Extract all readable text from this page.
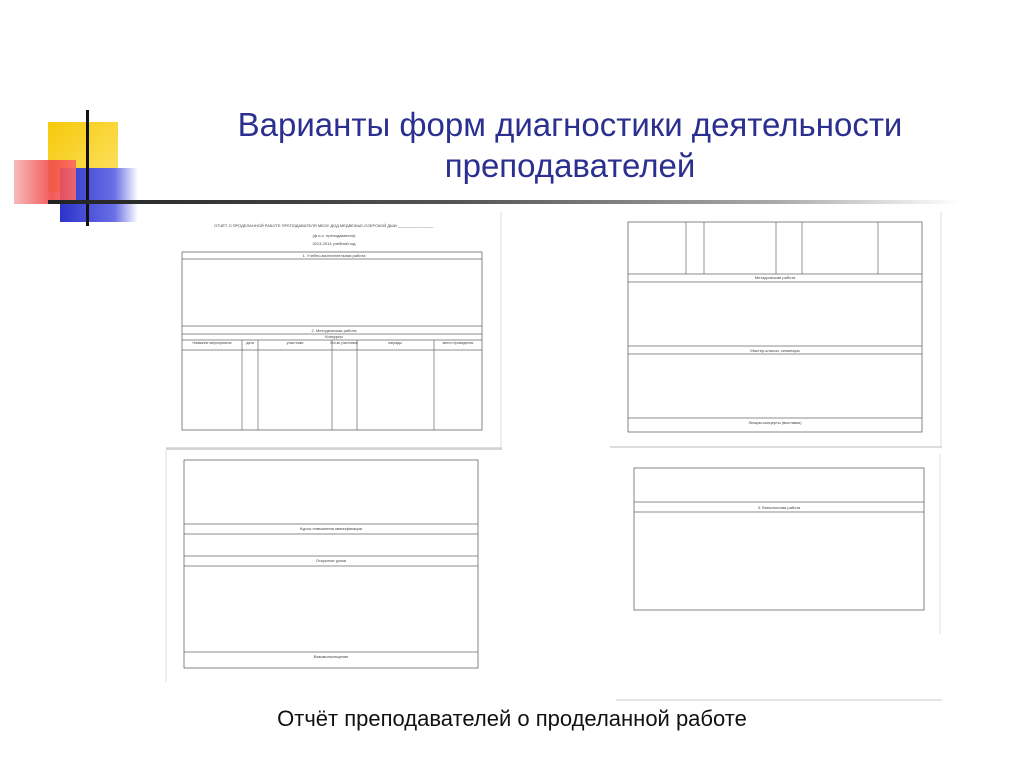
Варианты форм диагностики деятельности
преподавателей
ОТЧЁТ О ПРОДЕЛАННОЙ РАБОТЕ ПРЕПОДАВАТЕЛЯ МБОУ ДОД МЕДВЕЖЬЕ-ОЗЕРСКОЙ ДШИ ________________
(ф.и.о. преподавателя)
2013-2014 учебный год
1. Учебно-воспитательная работа
2. Методическая работа
Конкурсы
Название мероприятия	дата	участники	Кол-во участников	награды	место проведения
Методическая работа
Мастер-классы, семинары
Лекции-концерты (выставки)
Курсы повышения квалификации
Открытые уроки
Взаимопосещение
3. Внеклассная работа
Отчёт преподавателей о проделанной работе
